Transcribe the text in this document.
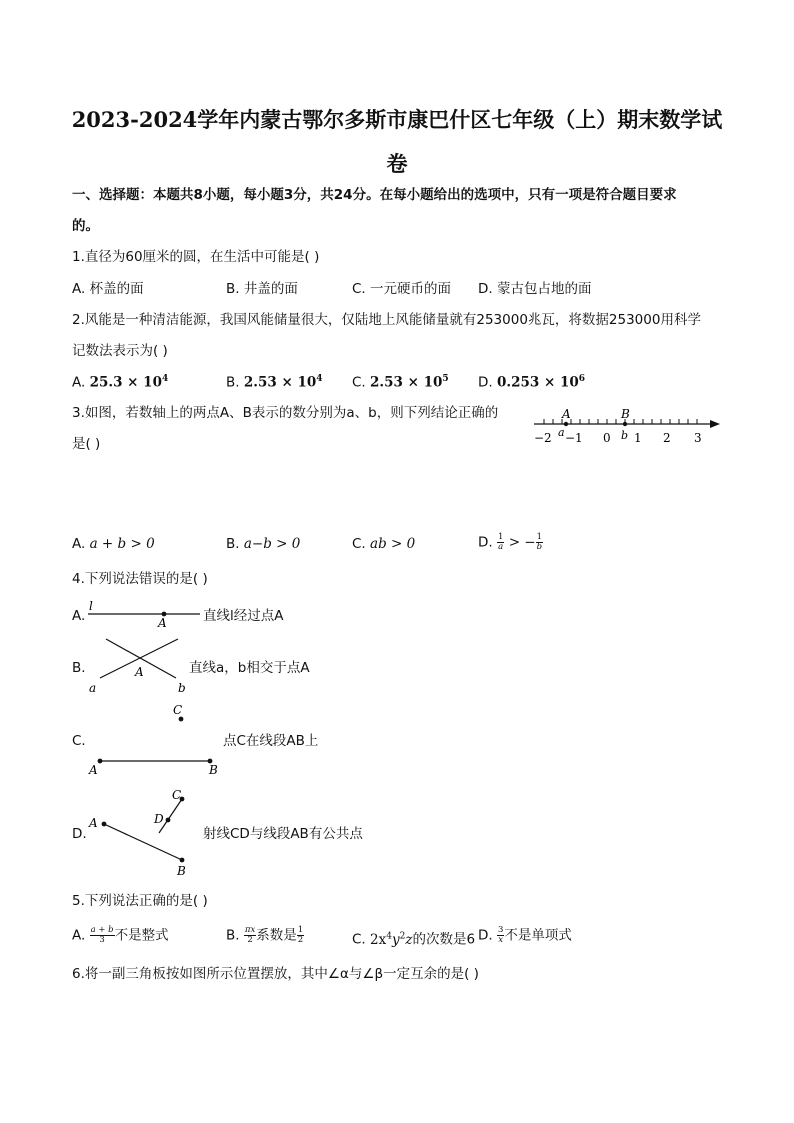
2023-2024学年内蒙古鄂尔多斯市康巴什区七年级（上）期末数学试
卷
一、选择题：本题共8小题，每小题3分，共24分。在每小题给出的选项中，只有一项是符合题目要求
的。
1.直径为60厘米的圆，在生活中可能是( )
A. 杯盖的面	B. 井盖的面	C. 一元硬币的面 D. 蒙古包占地的面
2.风能是一种清洁能源，我国风能储量很大，仅陆地上风能储量就有253000兆瓦，将数据253000用科学
记数法表示为( )
A. $25.3 \times 10^4$	B. $2.53 \times 10^4$ C. $2.53 \times 10^5$ D. $0.253 \times 10^6$
3.如图，若数轴上的两点A、B表示的数分别为a、b，则下列结论正确的
是( )
A	B
a	b
−2 −1 0 1 2 3
A. a + b > 0	B. a−b > 0	C. ab > 0	D. $\frac{1}{a}$ > − $\frac{1}{b}$
4.下列说法错误的是( )
A.
l
A	直线l经过点A
B.
a	b
A	直线a，b相交于点A
C.
C
A	B
点C在线段AB上
D.
A
B
C
D
射线CD与线段AB有公共点
5.下列说法正确的是( )
A. $\frac{a + b}{3}$ 不是整式	B. $\frac{\pi x}{2}$ 系数是 $\frac{1}{2}$	C. $2x^4y^2z$的次数是6 D. $\frac{3}{x}$ 不是单项式
6.将一副三角板按如图所示位置摆放，其中∠α与∠β一定互余的是( )
